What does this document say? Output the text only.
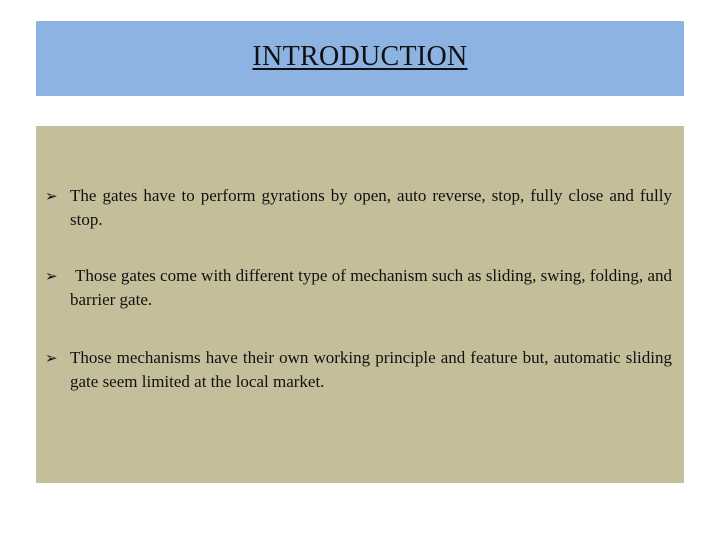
INTRODUCTION
➢ The gates have to perform gyrations by open, auto reverse, stop, fully close and fully stop.
➢ Those gates come with different type of mechanism such as sliding, swing, folding, and barrier gate.
➢ Those mechanisms have their own working principle and feature but, automatic sliding gate seem limited at the local market.
